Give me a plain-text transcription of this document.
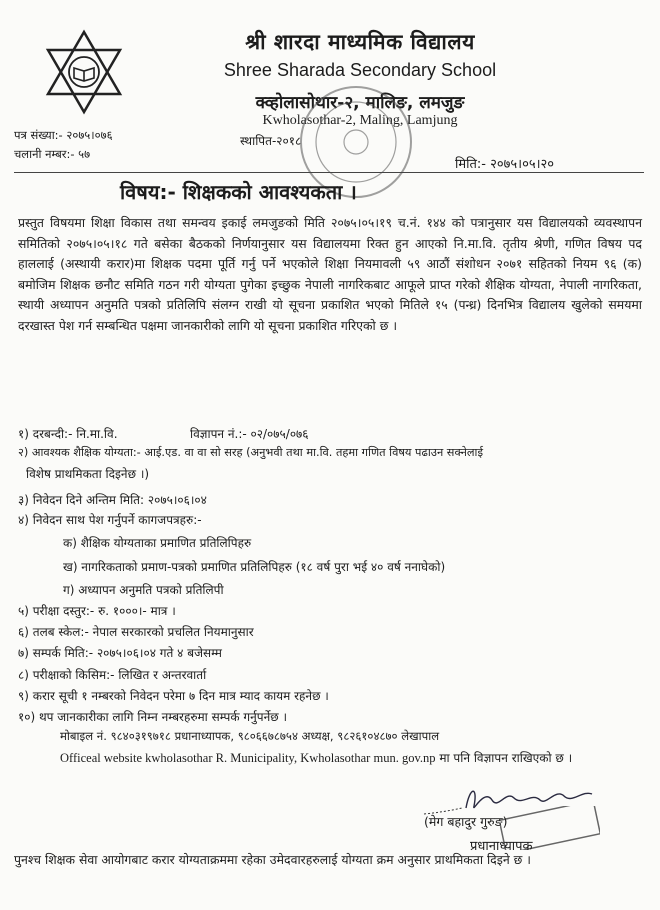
श्री शारदा माध्यमिक विद्यालय
Shree Sharada Secondary School
क्व्होलासोथार-२, मालिङ, लमजुङ
Kwholasothar-2, Maling, Lamjung
स्थापित-२०१८
पत्र संख्या:- २०७५।०७६
चलानी नम्बर:- ५७
मिति:- २०७५।०५।२०
विषय:- शिक्षकको आवश्यकता ।
प्रस्तुत विषयमा शिक्षा विकास तथा समन्वय इकाई लमजुङको मिति २०७५।०५।१९ च.नं. १४४ को पत्रानुसार यस विद्यालयको व्यवस्थापन समितिको २०७५।०५।१८ गते बसेका बैठकको निर्णयानुसार यस विद्यालयमा रिक्त हुन आएको नि.मा.वि. तृतीय श्रेणी, गणित विषय पद हाललाई (अस्थायी करार)मा शिक्षक पदमा पूर्ति गर्नु पर्ने भएकोले शिक्षा नियमावली ५९ आठौं संशोधन २०७१ सहितको नियम ९६ (क) बमोजिम शिक्षक छनौट समिति गठन गरी योग्यता पुगेका इच्छुक नेपाली नागरिकबाट आफूले प्राप्त गरेको शैक्षिक योग्यता, नेपाली नागरिकता, स्थायी अध्यापन अनुमति पत्रको प्रतिलिपि संलग्न राखी यो सूचना प्रकाशित भएको मितिले १५ (पन्ध्र) दिनभित्र विद्यालय खुलेको समयमा दरखास्त पेश गर्न सम्बन्धित पक्षमा जानकारीको लागि यो सूचना प्रकाशित गरिएको छ ।
१) दरबन्दी:- नि.मा.वि.	विज्ञापन नं.:- ०२/०७५/०७६
२) आवश्यक शैक्षिक योग्यता:- आई.एड. वा वा सो सरह (अनुभवी तथा मा.वि. तहमा गणित विषय पढाउन सक्नेलाई
विशेष प्राथमिकता दिइनेछ ।)
३) निवेदन दिने अन्तिम मिति: २०७५।०६।०४
४) निवेदन साथ पेश गर्नुपर्ने कागजपत्रहरु:-
क) शैक्षिक योग्यताका प्रमाणित प्रतिलिपिहरु
ख) नागरिकताको प्रमाण-पत्रको प्रमाणित प्रतिलिपिहरु (१८ वर्ष पुरा भई ४० वर्ष ननाघेको)
ग) अध्यापन अनुमति पत्रको प्रतिलिपी
५) परीक्षा दस्तुर:- रु. १०००।- मात्र ।
६) तलब स्केल:- नेपाल सरकारको प्रचलित नियमानुसार
७) सम्पर्क मिति:- २०७५।०६।०४ गते ४ बजेसम्म
८) परीक्षाको किसिम:- लिखित र अन्तरवार्ता
९) करार सूची १ नम्बरको निवेदन परेमा ७ दिन मात्र म्याद कायम रहनेछ ।
१०) थप जानकारीका लागि निम्न नम्बरहरुमा सम्पर्क गर्नुपर्नेछ ।
मोबाइल नं. ९८४०३१९७१८ प्रधानाध्यापक, ९८०६६७८७५४ अध्यक्ष, ९८२६१०४८७० लेखापाल
Officeal website kwholasothar R. Municipality, Kwholasothar mun. gov.np मा पनि विज्ञापन राखिएको छ ।
(मेग बहादुर गुरुङ)
प्रधानाध्यापक
पुनश्च शिक्षक सेवा आयोगबाट करार योग्यताक्रममा रहेका उमेदवारहरुलाई योग्यता क्रम अनुसार प्राथमिकता दिइने छ ।
